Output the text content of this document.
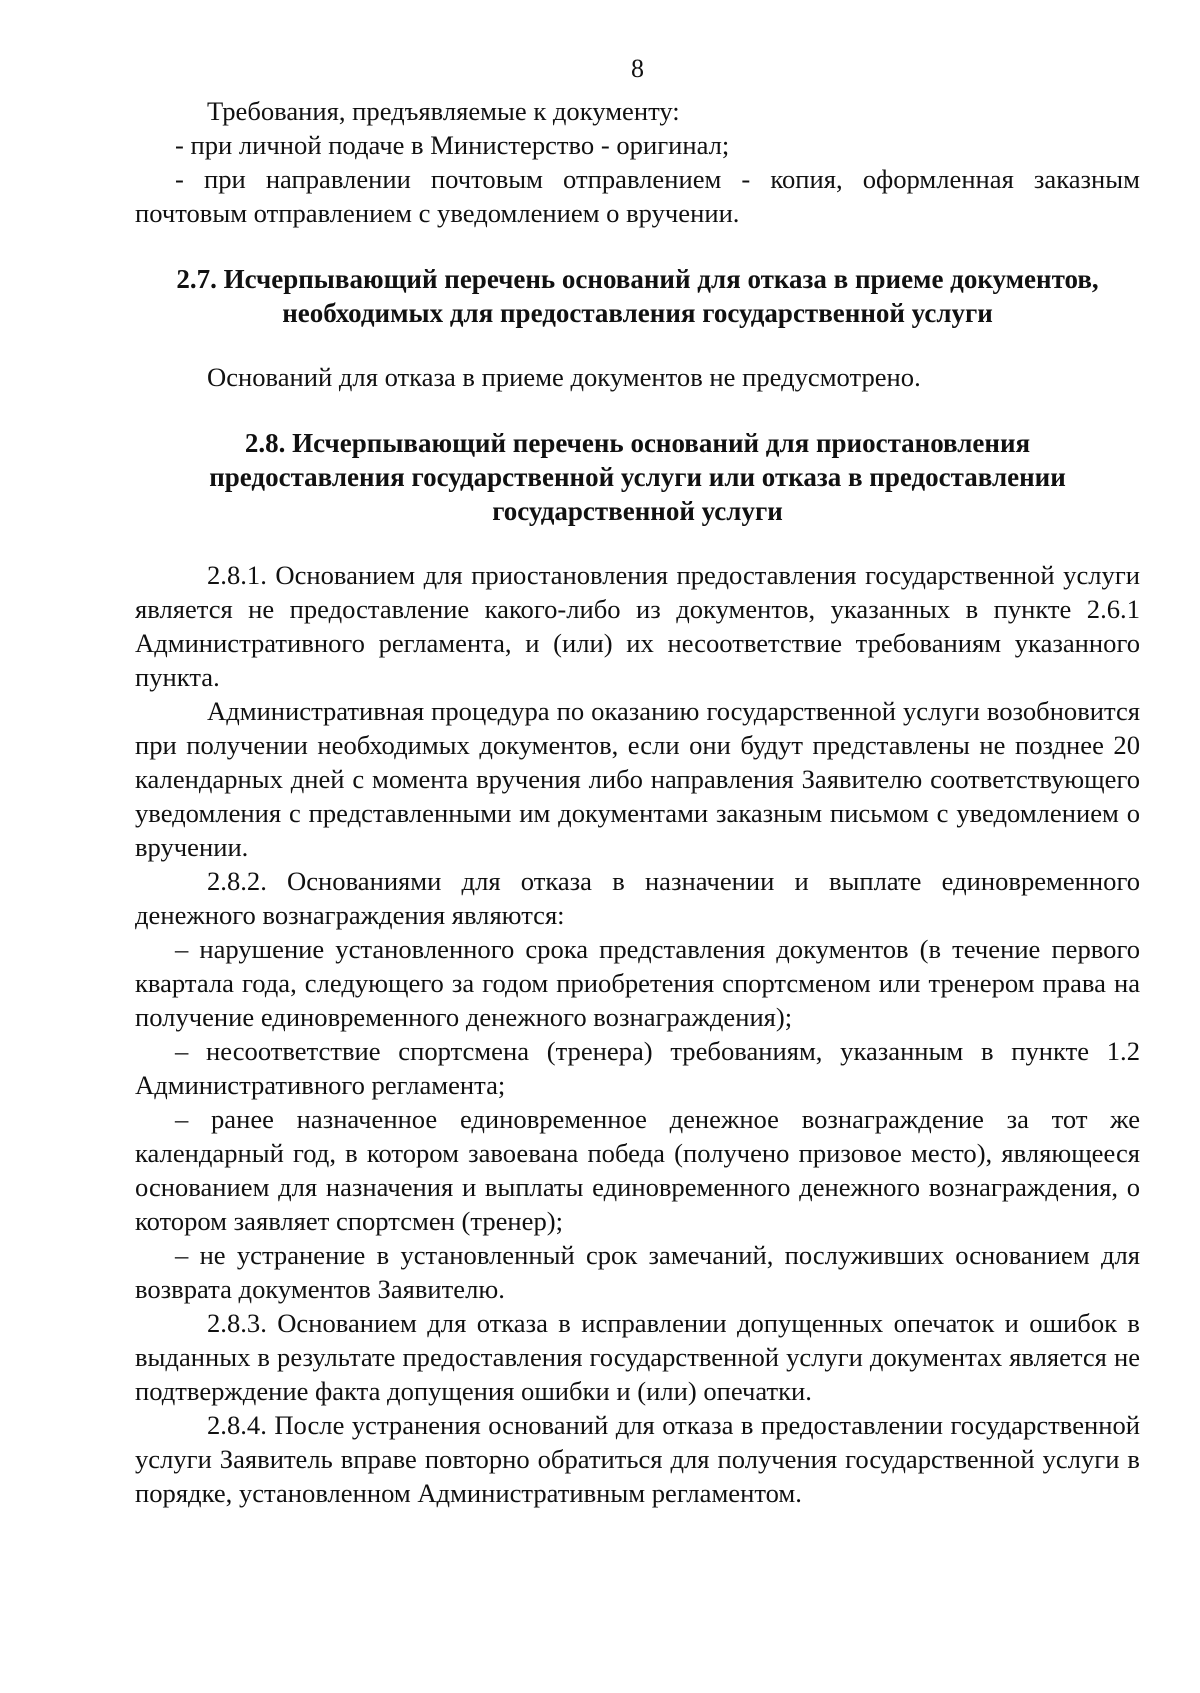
8

Требования, предъявляемые к документу:

- при личной подаче в Министерство - оригинал;

- при направлении почтовым отправлением - копия, оформленная заказным почтовым отправлением с уведомлением о вручении.

2.7. Исчерпывающий перечень оснований для отказа в приеме документов, необходимых для предоставления государственной услуги

Оснований для отказа в приеме документов не предусмотрено.

2.8. Исчерпывающий перечень оснований для приостановления предоставления государственной услуги или отказа в предоставлении государственной услуги

2.8.1. Основанием для приостановления предоставления государственной услуги является не предоставление какого-либо из документов, указанных в пункте 2.6.1 Административного регламента, и (или) их несоответствие требованиям указанного пункта.

Административная процедура по оказанию государственной услуги возобновится при получении необходимых документов, если они будут представлены не позднее 20 календарных дней с момента вручения либо направления Заявителю соответствующего уведомления с представленными им документами заказным письмом с уведомлением о вручении.

2.8.2. Основаниями для отказа в назначении и выплате единовременного денежного вознаграждения являются:

– нарушение установленного срока представления документов (в течение первого квартала года, следующего за годом приобретения спортсменом или тренером права на получение единовременного денежного вознаграждения);

– несоответствие спортсмена (тренера) требованиям, указанным в пункте 1.2 Административного регламента;

– ранее назначенное единовременное денежное вознаграждение за тот же календарный год, в котором завоевана победа (получено призовое место), являющееся основанием для назначения и выплаты единовременного денежного вознаграждения, о котором заявляет спортсмен (тренер);

– не устранение в установленный срок замечаний, послуживших основанием для возврата документов Заявителю.

2.8.3. Основанием для отказа в исправлении допущенных опечаток и ошибок в выданных в результате предоставления государственной услуги документах является не подтверждение факта допущения ошибки и (или) опечатки.

2.8.4. После устранения оснований для отказа в предоставлении государственной услуги Заявитель вправе повторно обратиться для получения государственной услуги в порядке, установленном Административным регламентом.
